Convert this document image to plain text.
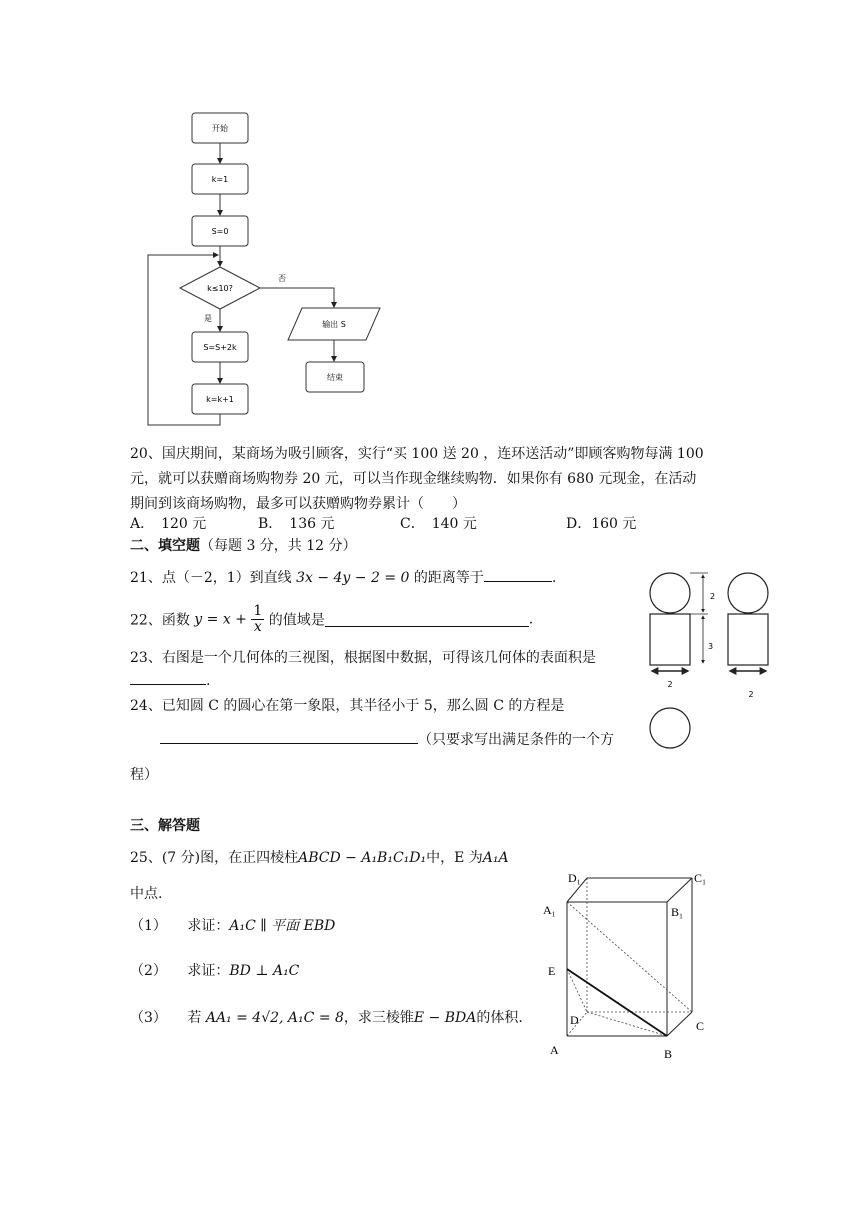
开始
k=1
S=0
k≤10?
是
否
S=S+2k
k=k+1
输出 S
结束
20、国庆期间，某商场为吸引顾客，实行“买 100 送 20 ，连环送活动”即顾客购物每满 100
元，就可以获赠商场购物券 20 元，可以当作现金继续购物．如果你有 680 元现金，在活动
期间到该商场购物，最多可以获赠购物券累计（　　）
A．　120 元	B．　136 元	C．　140 元	D．160 元
二、填空题（每题 3 分，共 12 分）
21、点（－2，1）到直线 3x − 4y − 2 = 0 的距离等于	.
22、函数 $y = x + \frac{1}{x}$ 的值域是	.
23、右图是一个几何体的三视图，根据图中数据，可得该几何体的表面积是
.
24、已知圆 C 的圆心在第一象限，其半径小于 5，那么圆 C 的方程是
（只要求写出满足条件的一个方
程）
2
3
2
2
三、解答题
25、(7 分)图，在正四棱柱ABCD − A₁B₁C₁D₁中，E 为A₁A
中点.
（1） 求证：A₁C ∥ 平面 EBD
（2） 求证：BD ⊥ A₁C
（3） 若 AA₁ = 4√2, A₁C = 8，求三棱锥E − BDA的体积.
D₁	C₁
A₁	B₁
E
D	C
A	B
